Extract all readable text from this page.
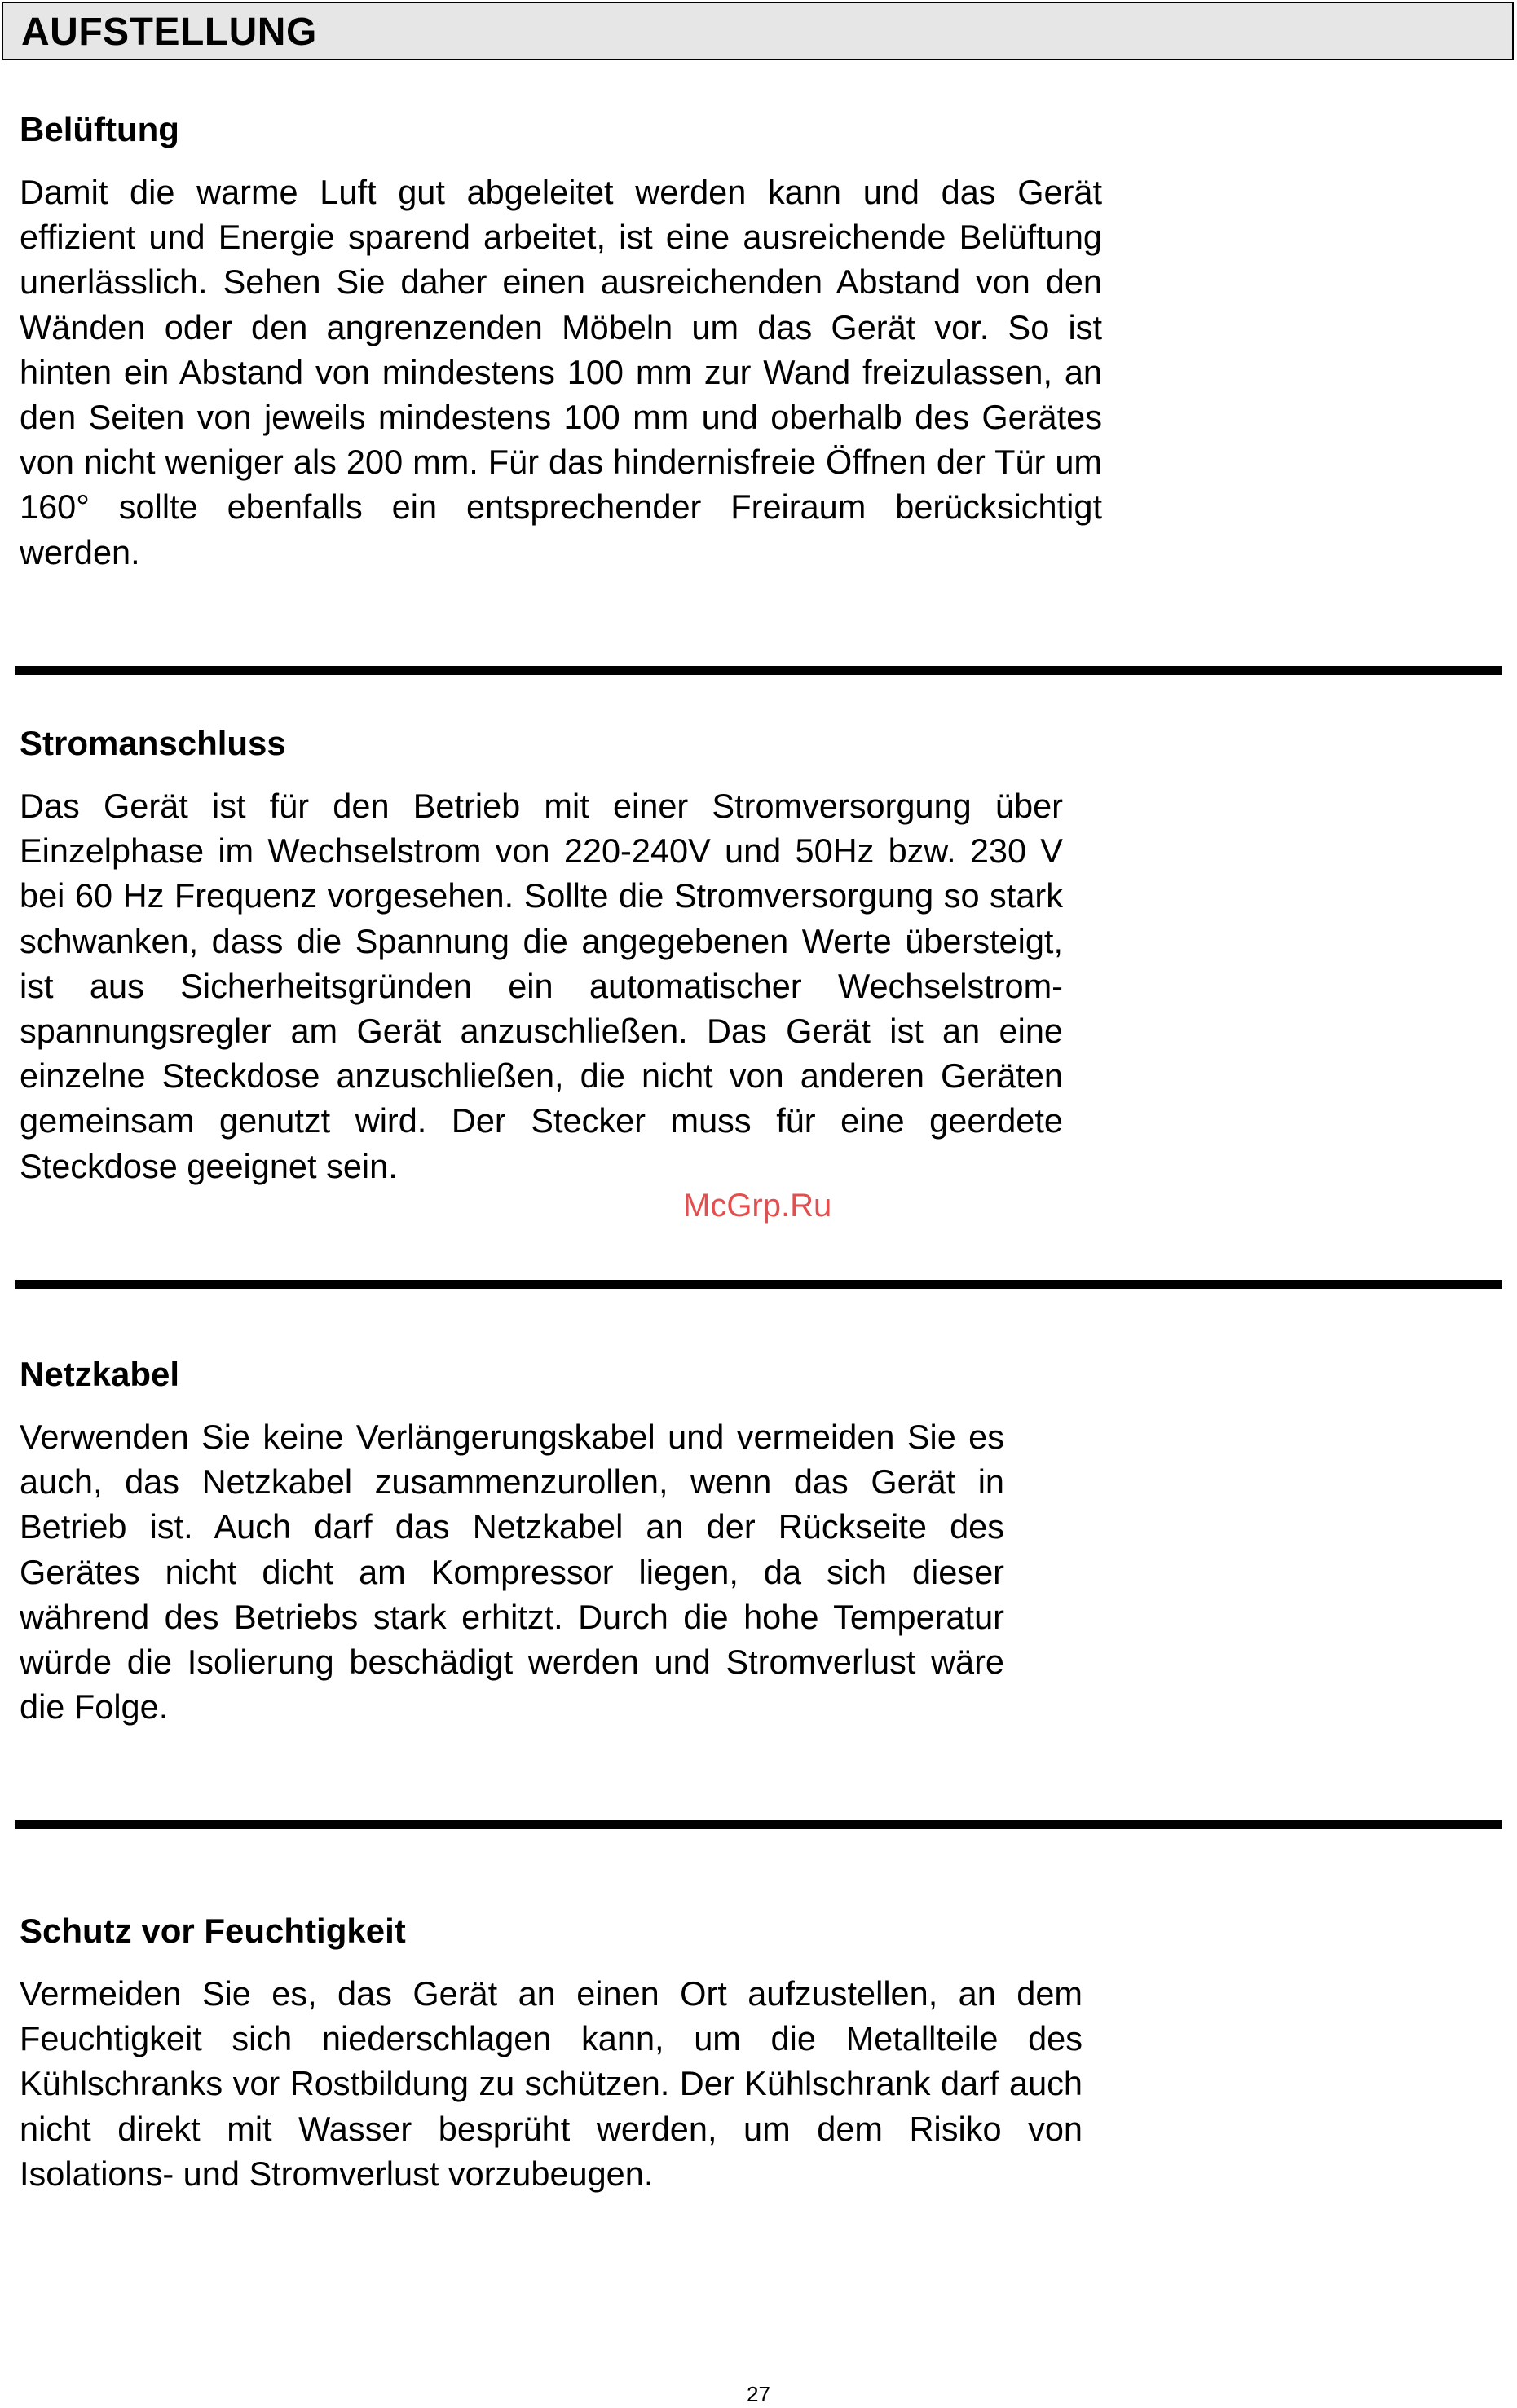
AUFSTELLUNG
Belüftung

Damit die warme Luft gut abgeleitet werden kann und das Gerät effizient und Energie sparend arbeitet, ist eine ausreichende Belüftung unerlässlich. Sehen Sie daher einen ausreichenden Abstand von den Wänden oder den angrenzenden Möbeln um das Gerät vor. So ist hinten ein Abstand von mindestens 100 mm zur Wand freizulassen, an den Seiten von jeweils mindestens 100 mm und oberhalb des Gerätes von nicht weniger als 200 mm. Für das hindernisfreie Öffnen der Tür um 160° sollte ebenfalls ein entsprechender Freiraum berücksichtigt werden.

Stromanschluss

Das Gerät ist für den Betrieb mit einer Stromversorgung über Einzelphase im Wechselstrom von 220-240V und 50Hz bzw. 230 V bei 60 Hz Frequenz vorgesehen. Sollte die Stromversorgung so stark schwanken, dass die Spannung die angegebenen Werte übersteigt, ist aus Sicherheitsgründen ein automatischer Wechselstrom-spannungsregler am Gerät anzuschließen. Das Gerät ist an eine einzelne Steckdose anzuschließen, die nicht von anderen Geräten gemeinsam genutzt wird. Der Stecker muss für eine geerdete Steckdose geeignet sein.

McGrp.Ru
Netzkabel

Verwenden Sie keine Verlängerungskabel und vermeiden Sie es auch, das Netzkabel zusammenzurollen, wenn das Gerät in Betrieb ist. Auch darf das Netzkabel an der Rückseite des Gerätes nicht dicht am Kompressor liegen, da sich dieser während des Betriebs stark erhitzt. Durch die hohe Temperatur würde die Isolierung beschädigt werden und Stromverlust wäre die Folge.

Schutz vor Feuchtigkeit

Vermeiden Sie es, das Gerät an einen Ort aufzustellen, an dem Feuchtigkeit sich niederschlagen kann, um die Metallteile des Kühlschranks vor Rostbildung zu schützen. Der Kühlschrank darf auch nicht direkt mit Wasser besprüht werden, um dem Risiko von Isolations- und Stromverlust vorzubeugen.

27
